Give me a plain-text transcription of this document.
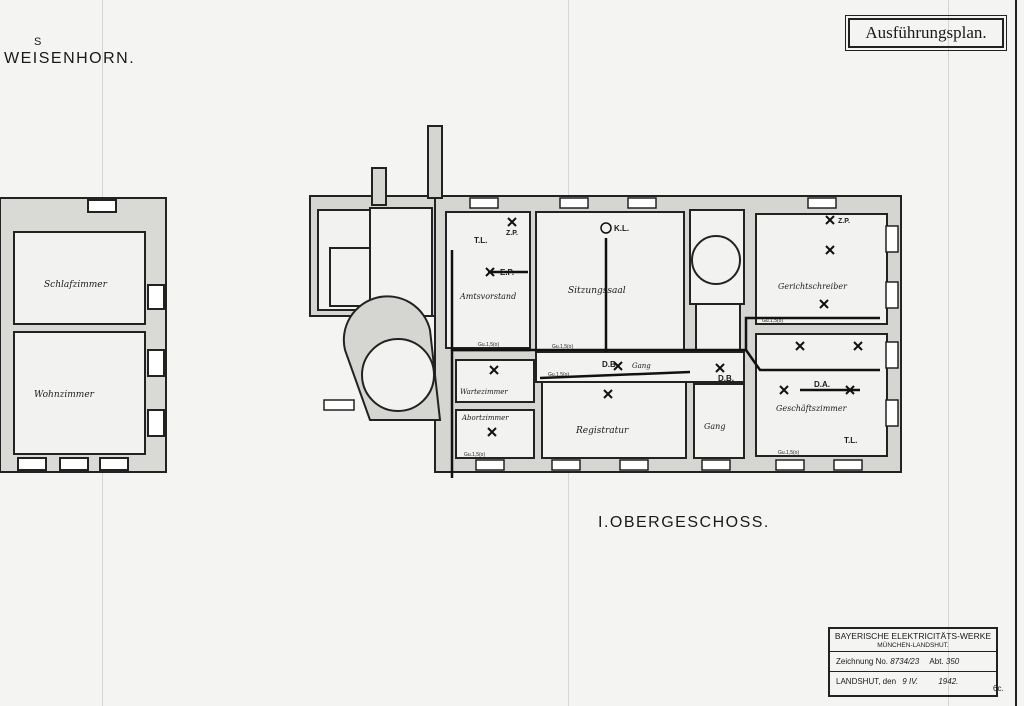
S
WEISENHORN.
Ausführungsplan.
Schlafzimmer
Wohnzimmer
Amtsvorstand
Sitzungssaal	Gerichtschreiber
Wartezimmer
Registratur	Gang
Geschäftszimmer
Gang
Abortzimmer
T.L.
Z.P.
E.P.
K.L.
D.B.
D.A.
Z.P.
D.B.
T.L.
Gu.1,5(o)	Gu.1,5(o)
Gu.1,5(o)
Gu.1,5(o)
Gu.1,5(o)
Gu.1,5(o)
I.OBERGESCHOSS.
BAYERISCHE ELEKTRICITÄTS-WERKE
MÜNCHEN-LANDSHUT.
Zeichnung No. 8734/23 Abt. 350
LANDSHUT, den 9 IV.	1942.
6c.
